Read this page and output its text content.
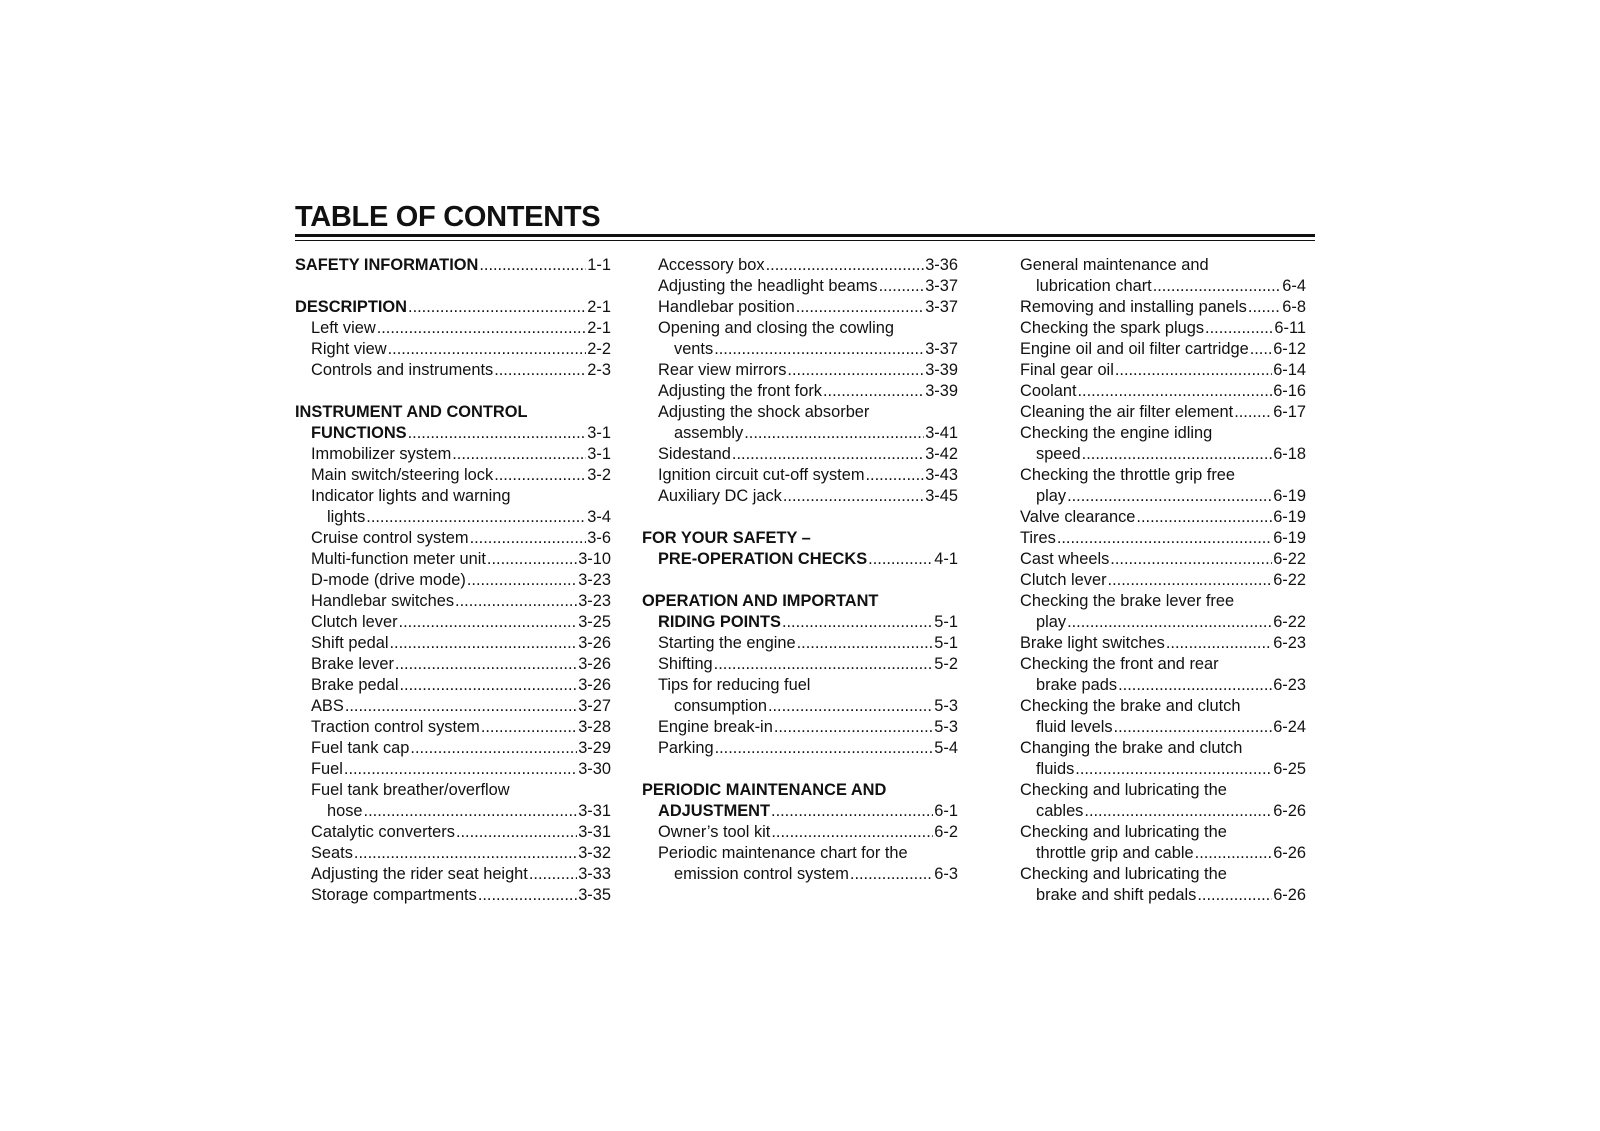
TABLE OF CONTENTS
SAFETY INFORMATION .....	1-1
DESCRIPTION .....	2-1
Left view .....	2-1
Right view .....	2-2
Controls and instruments .....	2-3
INSTRUMENT AND CONTROL
FUNCTIONS .....	3-1
Immobilizer system .....	3-1
Main switch/steering lock .....	3-2
Indicator lights and warning
lights .....	3-4
Cruise control system .....	3-6
Multi-function meter unit .....	3-10
D-mode (drive mode) .....	3-23
Handlebar switches .....	3-23
Clutch lever .....	3-25
Shift pedal .....	3-26
Brake lever .....	3-26
Brake pedal .....	3-26
ABS .....	3-27
Traction control system .....	3-28
Fuel tank cap .....	3-29
Fuel .....	3-30
Fuel tank breather/overflow
hose .....	3-31
Catalytic converters .....	3-31
Seats .....	3-32
Adjusting the rider seat height .....	3-33
Storage compartments .....	3-35
Accessory box .....	3-36
Adjusting the headlight beams .....	3-37
Handlebar position .....	3-37
Opening and closing the cowling
vents .....	3-37
Rear view mirrors .....	3-39
Adjusting the front fork .....	3-39
Adjusting the shock absorber
assembly .....	3-41
Sidestand .....	3-42
Ignition circuit cut-off system .....	3-43
Auxiliary DC jack .....	3-45
FOR YOUR SAFETY –
PRE-OPERATION CHECKS .....	4-1
OPERATION AND IMPORTANT
RIDING POINTS .....	5-1
Starting the engine .....	5-1
Shifting .....	5-2
Tips for reducing fuel
consumption .....	5-3
Engine break-in .....	5-3
Parking .....	5-4
PERIODIC MAINTENANCE AND
ADJUSTMENT .....	6-1
Owner’s tool kit .....	6-2
Periodic maintenance chart for the
emission control system .....	6-3
General maintenance and
lubrication chart .....	6-4
Removing and installing panels ..... 6-8
Checking the spark plugs .....	6-11
Engine oil and oil filter cartridge ..... 6-12
Final gear oil .....	6-14
Coolant .....	6-16
Cleaning the air filter element ..... 6-17
Checking the engine idling
speed .....	6-18
Checking the throttle grip free
play .....	6-19
Valve clearance .....	6-19
Tires .....	6-19
Cast wheels .....	6-22
Clutch lever .....	6-22
Checking the brake lever free
play .....	6-22
Brake light switches .....	6-23
Checking the front and rear
brake pads .....	6-23
Checking the brake and clutch
fluid levels .....	6-24
Changing the brake and clutch
fluids .....	6-25
Checking and lubricating the
cables .....	6-26
Checking and lubricating the
throttle grip and cable .....	6-26
Checking and lubricating the
brake and shift pedals .....	6-26
